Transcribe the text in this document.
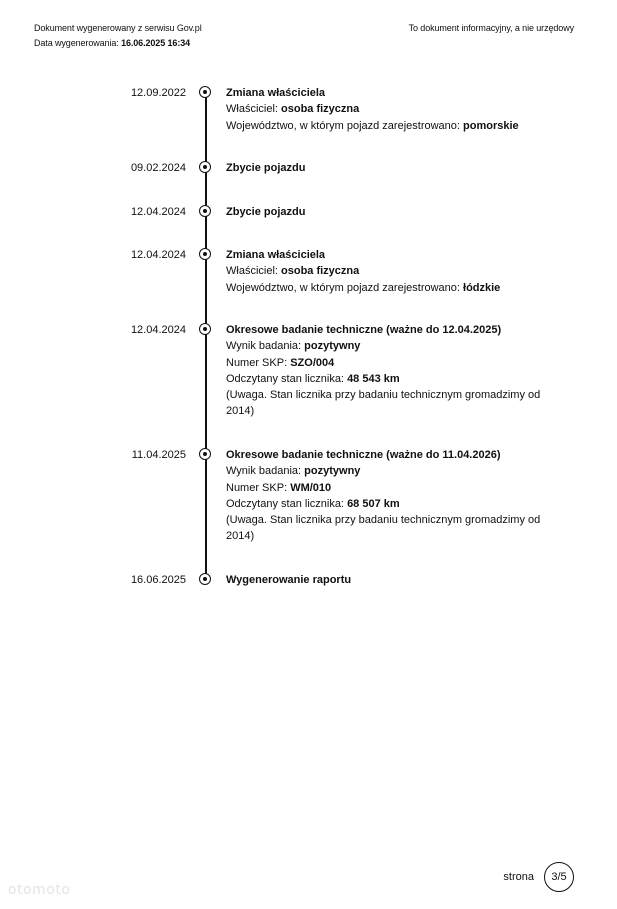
Dokument wygenerowany z serwisu Gov.pl
Data wygenerowania: 16.06.2025 16:34
To dokument informacyjny, a nie urzędowy
12.09.2022	Zmiana właściciela
Właściciel: osoba fizyczna
Województwo, w którym pojazd zarejestrowano: pomorskie
09.02.2024	Zbycie pojazdu
12.04.2024	Zbycie pojazdu
12.04.2024	Zmiana właściciela
Właściciel: osoba fizyczna
Województwo, w którym pojazd zarejestrowano: łódzkie
12.04.2024	Okresowe badanie techniczne (ważne do 12.04.2025)
Wynik badania: pozytywny
Numer SKP: SZO/004
Odczytany stan licznika: 48 543 km
(Uwaga. Stan licznika przy badaniu technicznym gromadzimy od 2014)
11.04.2025	Okresowe badanie techniczne (ważne do 11.04.2026)
Wynik badania: pozytywny
Numer SKP: WM/010
Odczytany stan licznika: 68 507 km
(Uwaga. Stan licznika przy badaniu technicznym gromadzimy od 2014)
16.06.2025	Wygenerowanie raportu
strona	3/5
otomoto
